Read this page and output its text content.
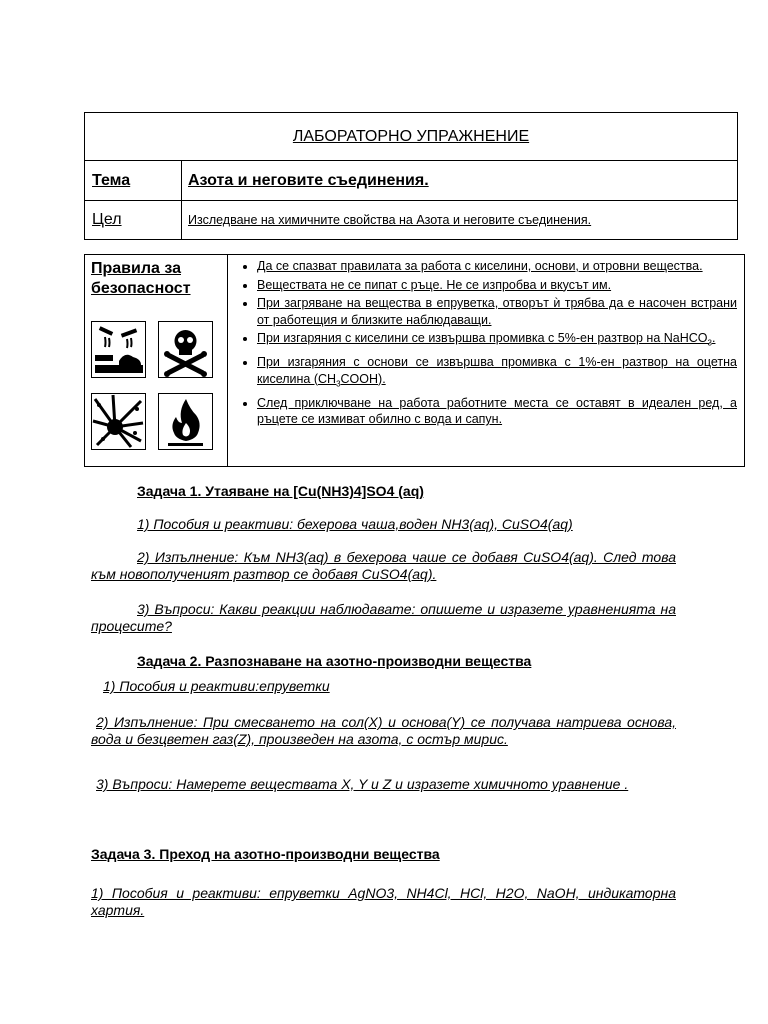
ЛАБОРАТОРНО УПРАЖНЕНИЕ	
Тема	Азота и неговите съединения.
Цел	Изследване на химичните свойства на Азота и неговите съединения.
Правила за
безопасност

• Да се спазват правилата за работа с киселини, основи, и отровни вещества.
• Веществата не се пипат с ръце. Не се изпробва и вкусът им.
• При загряване на вещества в епруветка, отворът ѝ трябва да е насочен встрани от работещия и близките наблюдаващи.
• При изгаряния с киселини се извършва промивка с 5%-ен разтвор на NaHCO$_3$.
• При изгаряния с основи се извършва промивка с 1%-ен разтвор на оцетна киселина $(CH_3COOH)$.
• След приключване на работа работните места се оставят в идеален ред, а ръцете се измиват обилно с вода и сапун.
Задача 1. Утаяване на [Cu(NH3)4]SO4 (aq)
1) Пособия и реактиви: бехерова чаша,воден NH3(aq), CuSO4(aq)
2) Изпълнение: Към NH3(aq) в бехерова чаше се добавя CuSO4(aq). След това към новополученият разтвор се добавя CuSO4(aq).
3) Въпроси: Какви реакции наблюдавате: опишете и изразете уравненията на процесите?
Задача 2. Разпознаване на азотно-производни вещества
1) Пособия и реактиви:епруветки
2) Изпълнение: При смесването на сол(X) и основа(Y) се получава натриева основа, вода и безцветен газ(Z), произведен на азота, с остър мирис.
3) Въпроси: Намерете веществата X, Y и Z и изразете химичното уравнение .
Задача 3. Преход на азотно-производни вещества
1) Пособия и реактиви: епруветки AgNO3, NH4Cl, HCl, H2O, NaOH, индикаторна хартия.
